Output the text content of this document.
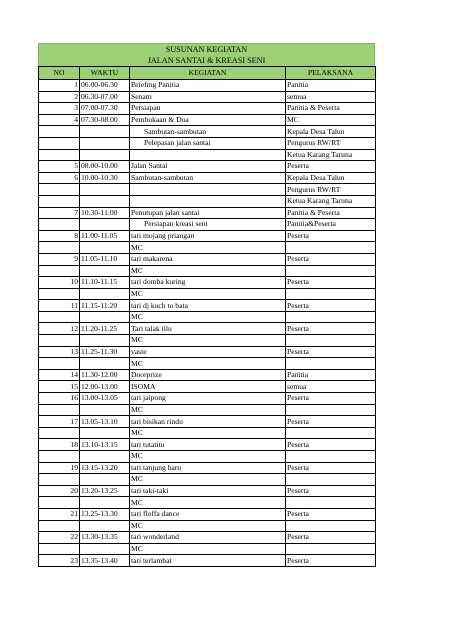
SUSUNAN KEGIATAN
JALAN SANTAI & KREASI SENI
NO	WAKTU	KEGIATAN	PELAKSANA
1	06.00-06.30	Briefing Panitia	Panitia
2	06.30-07.00	Senam	semua
3	07.00-07.30	Persiapan	Panitia & Peserta
4	07.30-08.00	Pembukaan & Doa	MC
		Sambutan-sambutan	Kepala Desa Talun
		Pelepasan jalan santai	Pengurus RW/RT
			Ketua Karang Taruna
5	08.00-10.00	Jalan Santai	Peserta
6	10.00-10.30	Sambutan-sambutan	Kepala Desa Talun
			Pengurus RW/RT
			Ketua Karang Taruna
7	10.30-11.00	Penutupan jalan santai	Panitia & Peserta
		Persiapan kreasi seni	Panitia&Peserta
8	11.00-11.05	tari mojang priangan	Peserta
		MC	
9	11.05-11.10	tari makarena	Peserta
		MC	
10	11.10-11.15	tari domba kuring	Peserta
		MC	
11	11.15-11.20	tari dj kuch to bata	Peserta
		MC	
12	11.20-11.25	Tari talak tilu	Peserta
		MC	
13	11.25-11.30	vaste	Peserta
		MC	
14	11.30-12.00	Doorprize	Panitia
15	12.00-13.00	ISOMA	semua
16	13.00-13.05	tari jaipong	Peserta
		MC	
17	13.05-13.10	tari bisikan rindu	Peserta
		MC	
18	13.10-13.15	tari tutatitu	Peserta
		MC	
19	13.15-13.20	tari tanjung baru	Peserta
		MC	
20	13.20-13.25	tari taki-taki	Peserta
		MC	
21	13.25-13.30	tari floffa dance	Peserta
		MC	
22	13.30-13.35	tari wonderland	Peserta
		MC	
23	13.35-13.40	tari terlambat	Peserta
